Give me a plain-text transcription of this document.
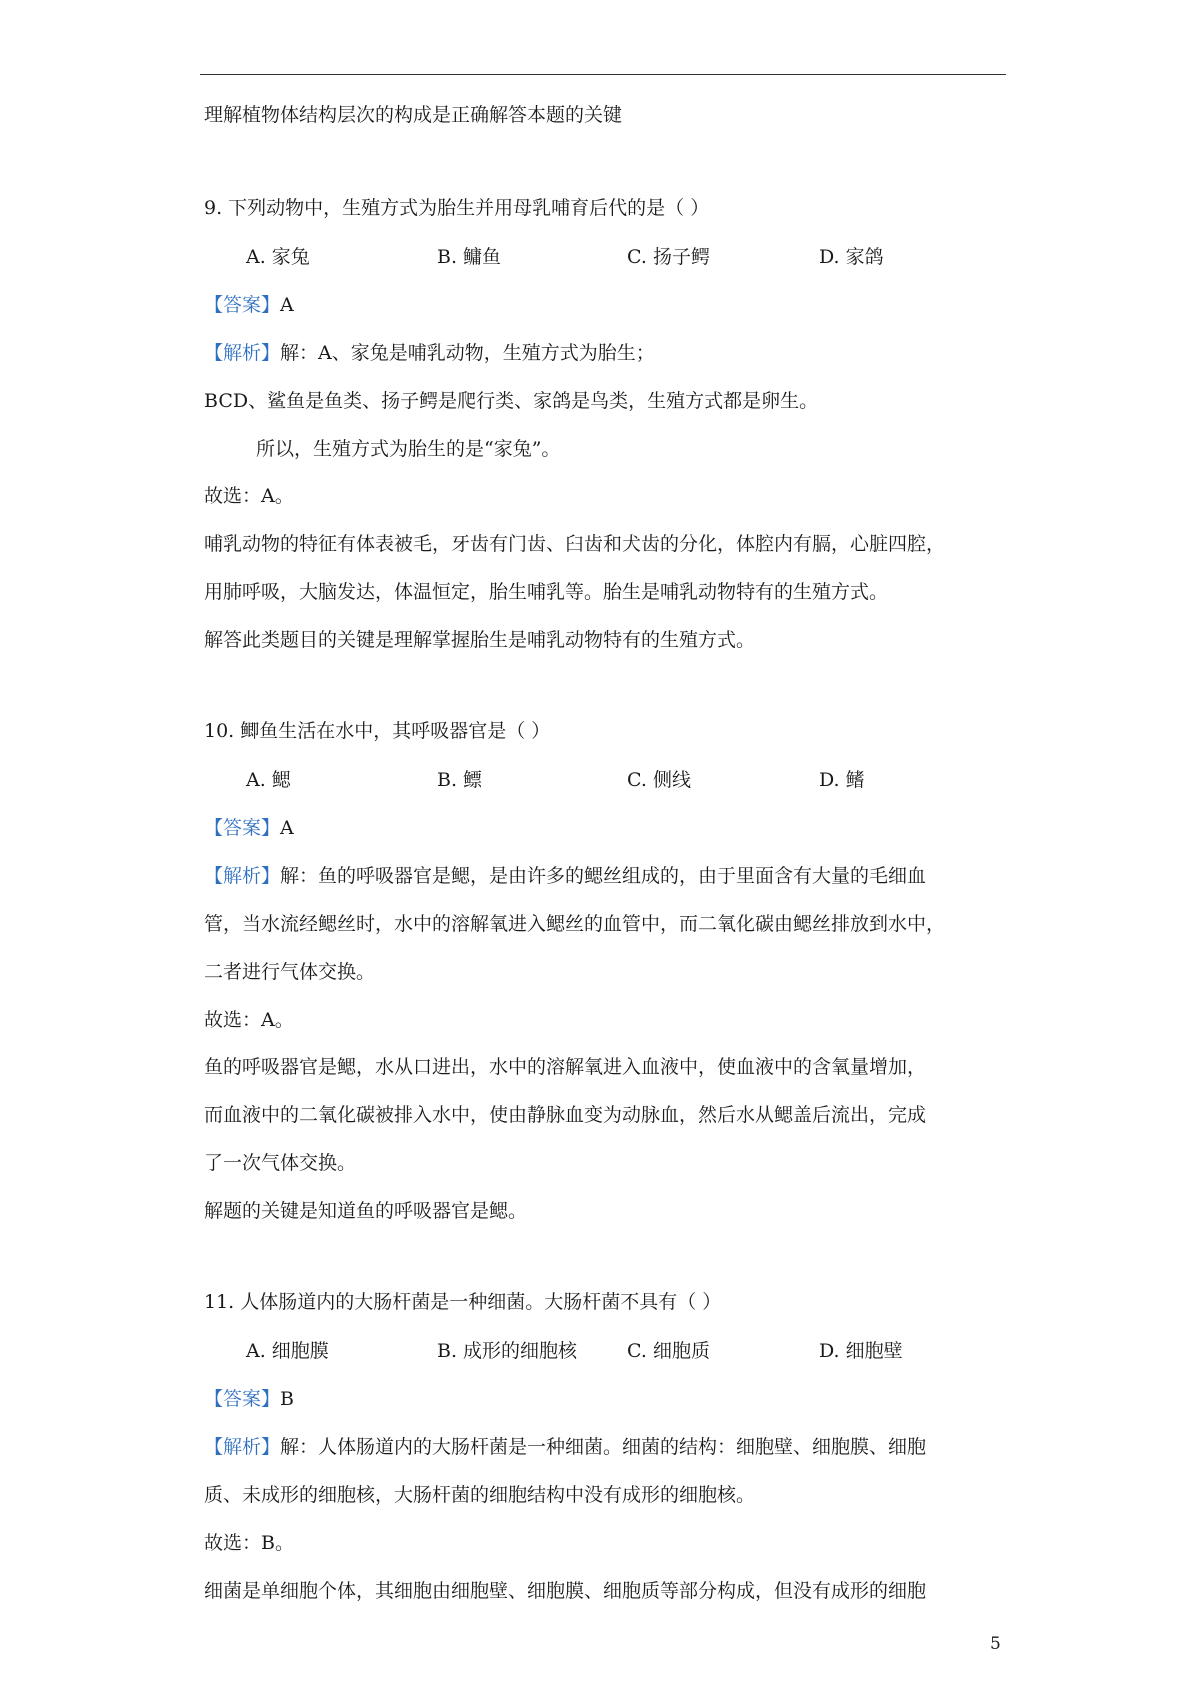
理解植物体结构层次的构成是正确解答本题的关键
9. 下列动物中，生殖方式为胎生并用母乳哺育后代的是（ ）
A. 家兔	B. 鳙鱼	C. 扬子鳄	D. 家鸽
【答案】A
【解析】解：A、家兔是哺乳动物，生殖方式为胎生；
BCD、鲨鱼是鱼类、扬子鳄是爬行类、家鸽是鸟类，生殖方式都是卵生。
所以，生殖方式为胎生的是“家兔”。
故选：A。
哺乳动物的特征有体表被毛，牙齿有门齿、臼齿和犬齿的分化，体腔内有膈，心脏四腔，
用肺呼吸，大脑发达，体温恒定，胎生哺乳等。胎生是哺乳动物特有的生殖方式。
解答此类题目的关键是理解掌握胎生是哺乳动物特有的生殖方式。
10. 鲫鱼生活在水中，其呼吸器官是（ ）
A. 鳃	B. 鳔	C. 侧线	D. 鳍
【答案】A
【解析】解：鱼的呼吸器官是鳃，是由许多的鳃丝组成的，由于里面含有大量的毛细血
管，当水流经鳃丝时，水中的溶解氧进入鳃丝的血管中，而二氧化碳由鳃丝排放到水中，
二者进行气体交换。
故选：A。
鱼的呼吸器官是鳃，水从口进出，水中的溶解氧进入血液中，使血液中的含氧量增加，
而血液中的二氧化碳被排入水中，使由静脉血变为动脉血，然后水从鳃盖后流出，完成
了一次气体交换。
解题的关键是知道鱼的呼吸器官是鳃。
11. 人体肠道内的大肠杆菌是一种细菌。大肠杆菌不具有（ ）
A. 细胞膜	B. 成形的细胞核	C. 细胞质	D. 细胞壁
【答案】B
【解析】解：人体肠道内的大肠杆菌是一种细菌。细菌的结构：细胞壁、细胞膜、细胞
质、未成形的细胞核，大肠杆菌的细胞结构中没有成形的细胞核。
故选：B。
细菌是单细胞个体，其细胞由细胞壁、细胞膜、细胞质等部分构成，但没有成形的细胞
5
